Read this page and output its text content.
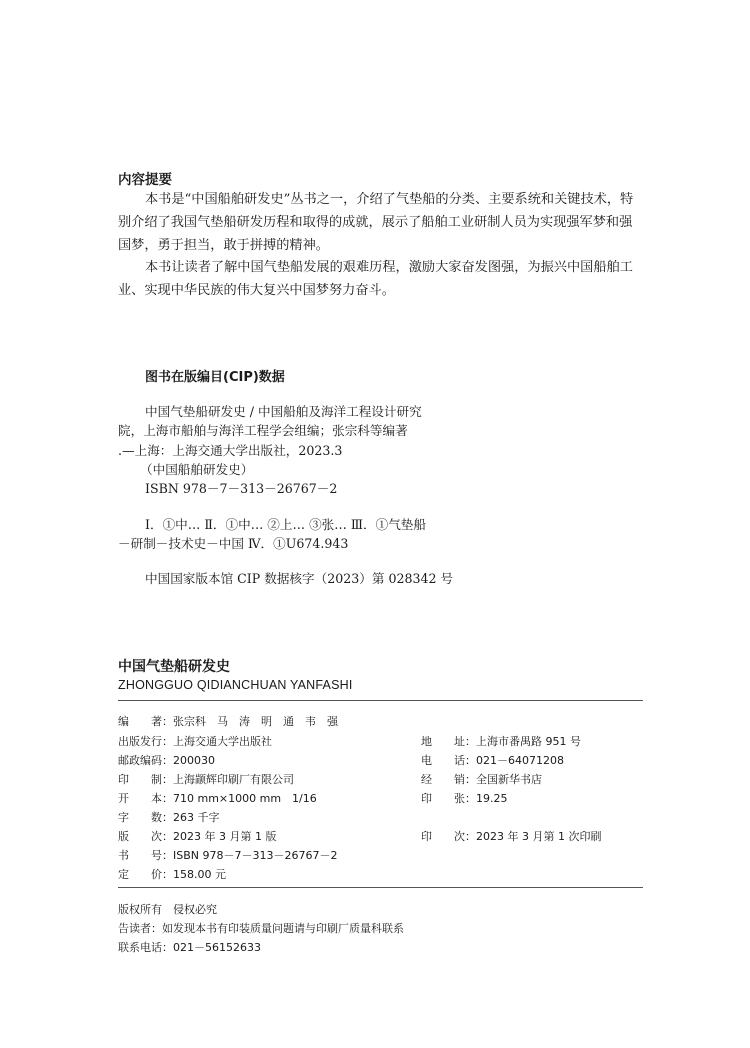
内容提要
本书是“中国船舶研发史”丛书之一，介绍了气垫船的分类、主要系统和关键技术，特别介绍了我国气垫船研发历程和取得的成就，展示了船舶工业研制人员为实现强军梦和强国梦，勇于担当，敢于拼搏的精神。
本书让读者了解中国气垫船发展的艰难历程，激励大家奋发图强，为振兴中国船舶工业、实现中华民族的伟大复兴中国梦努力奋斗。
图书在版编目(CIP)数据
中国气垫船研发史 / 中国船舶及海洋工程设计研究
院，上海市船舶与海洋工程学会组编；张宗科等编著
.—上海：上海交通大学出版社，2023.3
（中国船舶研发史）
ISBN 978－7－313－26767－2
Ⅰ．①中… Ⅱ．①中… ②上… ③张… Ⅲ．①气垫船
－研制－技术史－中国 Ⅳ．①U674.943
中国国家版本馆 CIP 数据核字（2023）第 028342 号
中国气垫船研发史
ZHONGGUO QIDIANCHUAN YANFASHI
编　　著：张宗科　马　涛　明　通　韦　强
出版发行：上海交通大学出版社	地　　址：上海市番禺路 951 号
邮政编码：200030	电　　话：021－64071208
印　　制：上海颛辉印刷厂有限公司	经　　销：全国新华书店
开　　本：710 mm×1000 mm　1/16	印　　张：19.25
字　　数：263 千字
版　　次：2023 年 3 月第 1 版	印　　次：2023 年 3 月第 1 次印刷
书　　号：ISBN 978－7－313－26767－2
定　　价：158.00 元
版权所有　侵权必究
告读者：如发现本书有印装质量问题请与印刷厂质量科联系
联系电话：021－56152633
